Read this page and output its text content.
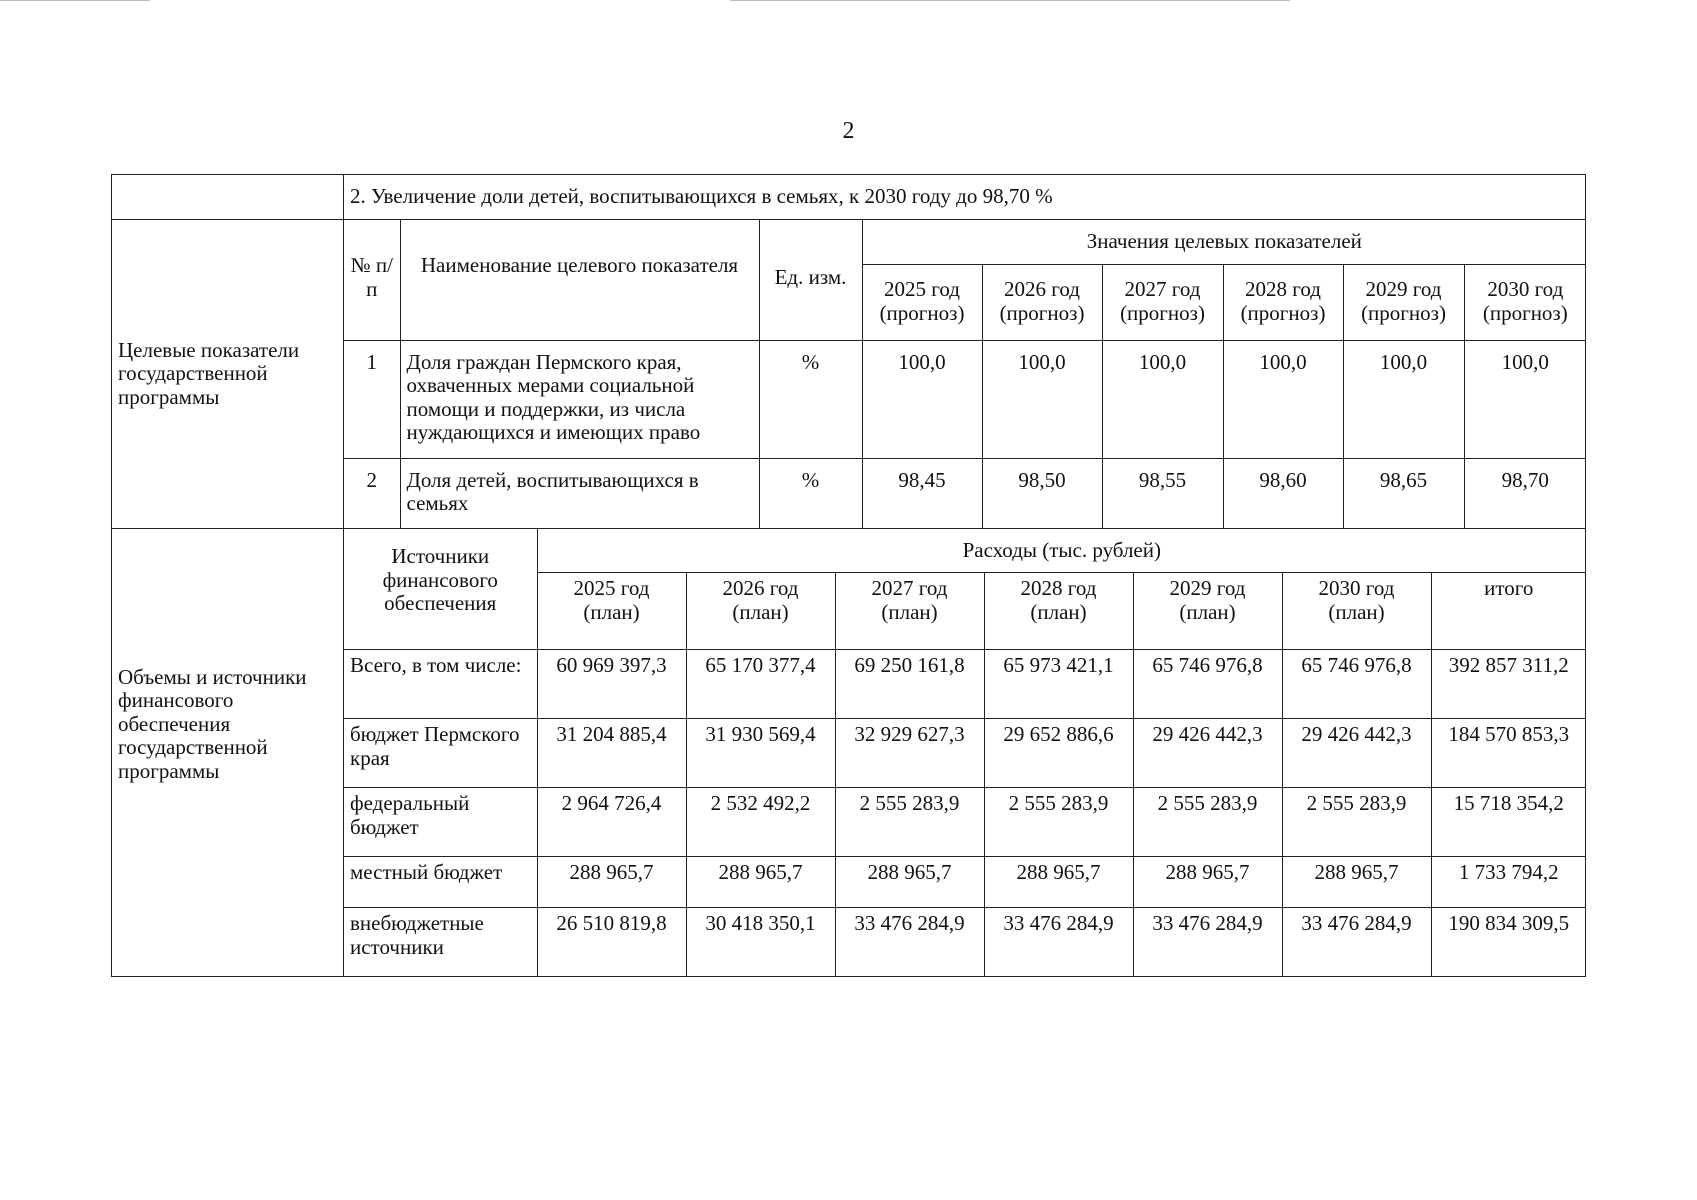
2
	2. Увеличение доли детей, воспитывающихся в семьях, к 2030 году до 98,70 %
Целевые показатели государственной программы	
№ п/п	Наименование целевого показателя	Ед. изм.	Значения целевых показателей
2025 год (прогноз)	2026 год (прогноз)	2027 год (прогноз)	2028 год (прогноз)	2029 год (прогноз)	2030 год (прогноз)
1	Доля граждан Пермского края, охваченных мерами социальной помощи и поддержки, из числа нуждающихся и имеющих право	%	100,0	100,0	100,0	100,0	100,0	100,0
2	Доля детей, воспитывающихся в семьях	%	98,45	98,50	98,55	98,60	98,65	98,70

Объемы и источники финансового обеспечения государственной программы	
Источники финансового обеспечения	Расходы (тыс. рублей)
2025 год (план)	2026 год (план)	2027 год (план)	2028 год (план)	2029 год (план)	2030 год (план)	итого
Всего, в том числе:	60 969 397,3	65 170 377,4	69 250 161,8	65 973 421,1	65 746 976,8	65 746 976,8	392 857 311,2
бюджет Пермского края	31 204 885,4	31 930 569,4	32 929 627,3	29 652 886,6	29 426 442,3	29 426 442,3	184 570 853,3
федеральный бюджет	2 964 726,4	2 532 492,2	2 555 283,9	2 555 283,9	2 555 283,9	2 555 283,9	15 718 354,2
местный бюджет	288 965,7	288 965,7	288 965,7	288 965,7	288 965,7	288 965,7	1 733 794,2
внебюджетные источники	26 510 819,8	30 418 350,1	33 476 284,9	33 476 284,9	33 476 284,9	33 476 284,9	190 834 309,5
